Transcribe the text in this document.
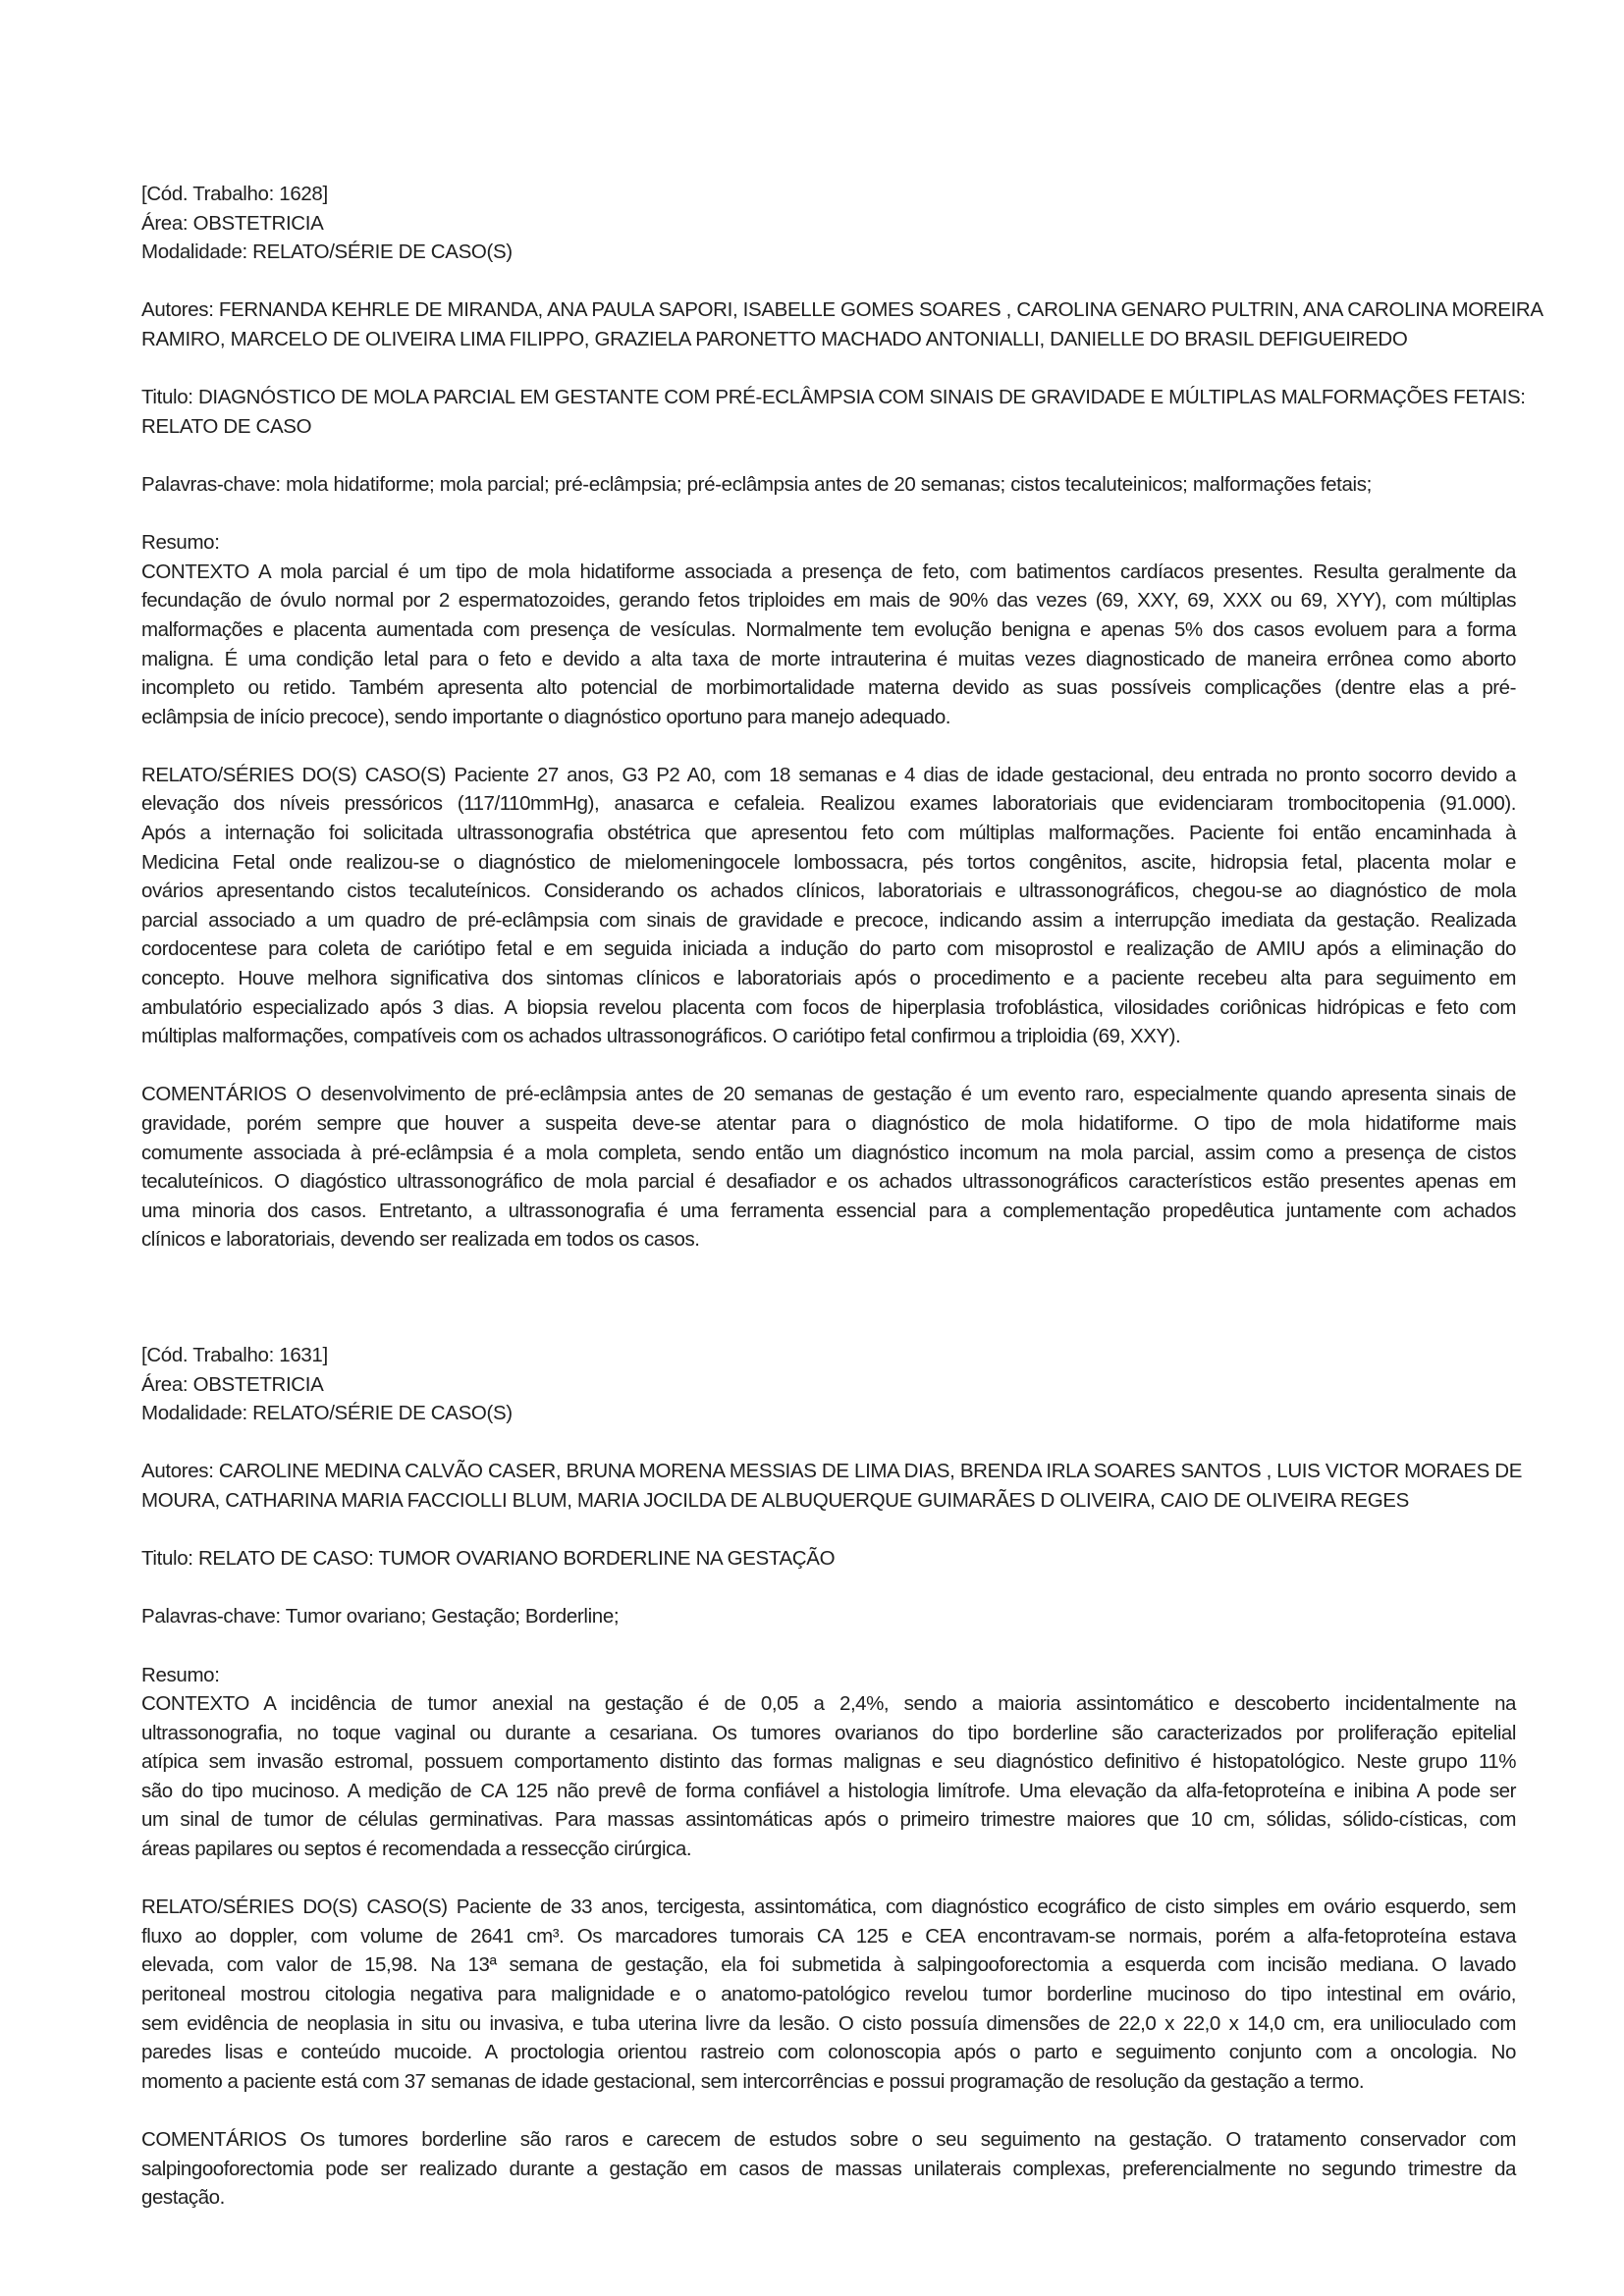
[Cód. Trabalho: 1628]
Área: OBSTETRICIA
Modalidade: RELATO/SÉRIE DE CASO(S)
Autores: FERNANDA KEHRLE DE MIRANDA, ANA PAULA SAPORI, ISABELLE GOMES SOARES , CAROLINA GENARO PULTRIN, ANA CAROLINA MOREIRA
RAMIRO, MARCELO DE OLIVEIRA LIMA FILIPPO, GRAZIELA PARONETTO MACHADO ANTONIALLI, DANIELLE DO BRASIL DEFIGUEIREDO
Titulo: DIAGNÓSTICO DE MOLA PARCIAL EM GESTANTE COM PRÉ-ECLÂMPSIA COM SINAIS DE GRAVIDADE E MÚLTIPLAS MALFORMAÇÕES FETAIS:
RELATO DE CASO
Palavras-chave: mola hidatiforme; mola parcial; pré-eclâmpsia; pré-eclâmpsia antes de 20 semanas; cistos tecaluteinicos; malformações fetais;
Resumo:
CONTEXTO A mola parcial é um tipo de mola hidatiforme associada a presença de feto, com batimentos cardíacos presentes. Resulta geralmente da
fecundação de óvulo normal por 2 espermatozoides, gerando fetos triploides em mais de 90% das vezes (69, XXY, 69, XXX ou 69, XYY), com múltiplas
malformações e placenta aumentada com presença de vesículas. Normalmente tem evolução benigna e apenas 5% dos casos evoluem para a forma
maligna. É uma condição letal para o feto e devido a alta taxa de morte intrauterina é muitas vezes diagnosticado de maneira errônea como aborto
incompleto ou retido. Também apresenta alto potencial de morbimortalidade materna devido as suas possíveis complicações (dentre elas a pré-
eclâmpsia de início precoce), sendo importante o diagnóstico oportuno para manejo adequado.
RELATO/SÉRIES DO(S) CASO(S) Paciente 27 anos, G3 P2 A0, com 18 semanas e 4 dias de idade gestacional, deu entrada no pronto socorro devido a
elevação dos níveis pressóricos (117/110mmHg), anasarca e cefaleia. Realizou exames laboratoriais que evidenciaram trombocitopenia (91.000).
Após a internação foi solicitada ultrassonografia obstétrica que apresentou feto com múltiplas malformações. Paciente foi então encaminhada à
Medicina Fetal onde realizou-se o diagnóstico de mielomeningocele lombossacra, pés tortos congênitos, ascite, hidropsia fetal, placenta molar e
ovários apresentando cistos tecaluteínicos. Considerando os achados clínicos, laboratoriais e ultrassonográficos, chegou-se ao diagnóstico de mola
parcial associado a um quadro de pré-eclâmpsia com sinais de gravidade e precoce, indicando assim a interrupção imediata da gestação. Realizada
cordocentese para coleta de cariótipo fetal e em seguida iniciada a indução do parto com misoprostol e realização de AMIU após a eliminação do
concepto. Houve melhora significativa dos sintomas clínicos e laboratoriais após o procedimento e a paciente recebeu alta para seguimento em
ambulatório especializado após 3 dias. A biopsia revelou placenta com focos de hiperplasia trofoblástica, vilosidades coriônicas hidrópicas e feto com
múltiplas malformações, compatíveis com os achados ultrassonográficos. O cariótipo fetal confirmou a triploidia (69, XXY).
COMENTÁRIOS O desenvolvimento de pré-eclâmpsia antes de 20 semanas de gestação é um evento raro, especialmente quando apresenta sinais de
gravidade, porém sempre que houver a suspeita deve-se atentar para o diagnóstico de mola hidatiforme. O tipo de mola hidatiforme mais
comumente associada à pré-eclâmpsia é a mola completa, sendo então um diagnóstico incomum na mola parcial, assim como a presença de cistos
tecaluteínicos. O diagóstico ultrassonográfico de mola parcial é desafiador e os achados ultrassonográficos característicos estão presentes apenas em
uma minoria dos casos. Entretanto, a ultrassonografia é uma ferramenta essencial para a complementação propedêutica juntamente com achados
clínicos e laboratoriais, devendo ser realizada em todos os casos.
[Cód. Trabalho: 1631]
Área: OBSTETRICIA
Modalidade: RELATO/SÉRIE DE CASO(S)
Autores: CAROLINE MEDINA CALVÃO CASER, BRUNA MORENA MESSIAS DE LIMA DIAS, BRENDA IRLA SOARES SANTOS , LUIS VICTOR MORAES DE
MOURA, CATHARINA MARIA FACCIOLLI BLUM, MARIA JOCILDA DE ALBUQUERQUE GUIMARÃES D OLIVEIRA, CAIO DE OLIVEIRA REGES
Titulo: RELATO DE CASO: TUMOR OVARIANO BORDERLINE NA GESTAÇÃO
Palavras-chave: Tumor ovariano; Gestação; Borderline;
Resumo:
CONTEXTO A incidência de tumor anexial na gestação é de 0,05 a 2,4%, sendo a maioria assintomático e descoberto incidentalmente na
ultrassonografia, no toque vaginal ou durante a cesariana. Os tumores ovarianos do tipo borderline são caracterizados por proliferação epitelial
atípica sem invasão estromal, possuem comportamento distinto das formas malignas e seu diagnóstico definitivo é histopatológico. Neste grupo 11%
são do tipo mucinoso. A medição de CA 125 não prevê de forma confiável a histologia limítrofe. Uma elevação da alfa-fetoproteína e inibina A pode ser
um sinal de tumor de células germinativas. Para massas assintomáticas após o primeiro trimestre maiores que 10 cm, sólidas, sólido-císticas, com
áreas papilares ou septos é recomendada a ressecção cirúrgica.
RELATO/SÉRIES DO(S) CASO(S) Paciente de 33 anos, tercigesta, assintomática, com diagnóstico ecográfico de cisto simples em ovário esquerdo, sem
fluxo ao doppler, com volume de 2641 cm³. Os marcadores tumorais CA 125 e CEA encontravam-se normais, porém a alfa-fetoproteína estava
elevada, com valor de 15,98. Na 13ª semana de gestação, ela foi submetida à salpingooforectomia a esquerda com incisão mediana. O lavado
peritoneal mostrou citologia negativa para malignidade e o anatomo-patológico revelou tumor borderline mucinoso do tipo intestinal em ovário,
sem evidência de neoplasia in situ ou invasiva, e tuba uterina livre da lesão. O cisto possuía dimensões de 22,0 x 22,0 x 14,0 cm, era unilioculado com
paredes lisas e conteúdo mucoide. A proctologia orientou rastreio com colonoscopia após o parto e seguimento conjunto com a oncologia. No
momento a paciente está com 37 semanas de idade gestacional, sem intercorrências e possui programação de resolução da gestação a termo.
COMENTÁRIOS Os tumores borderline são raros e carecem de estudos sobre o seu seguimento na gestação. O tratamento conservador com
salpingooforectomia pode ser realizado durante a gestação em casos de massas unilaterais complexas, preferencialmente no segundo trimestre da
gestação.
